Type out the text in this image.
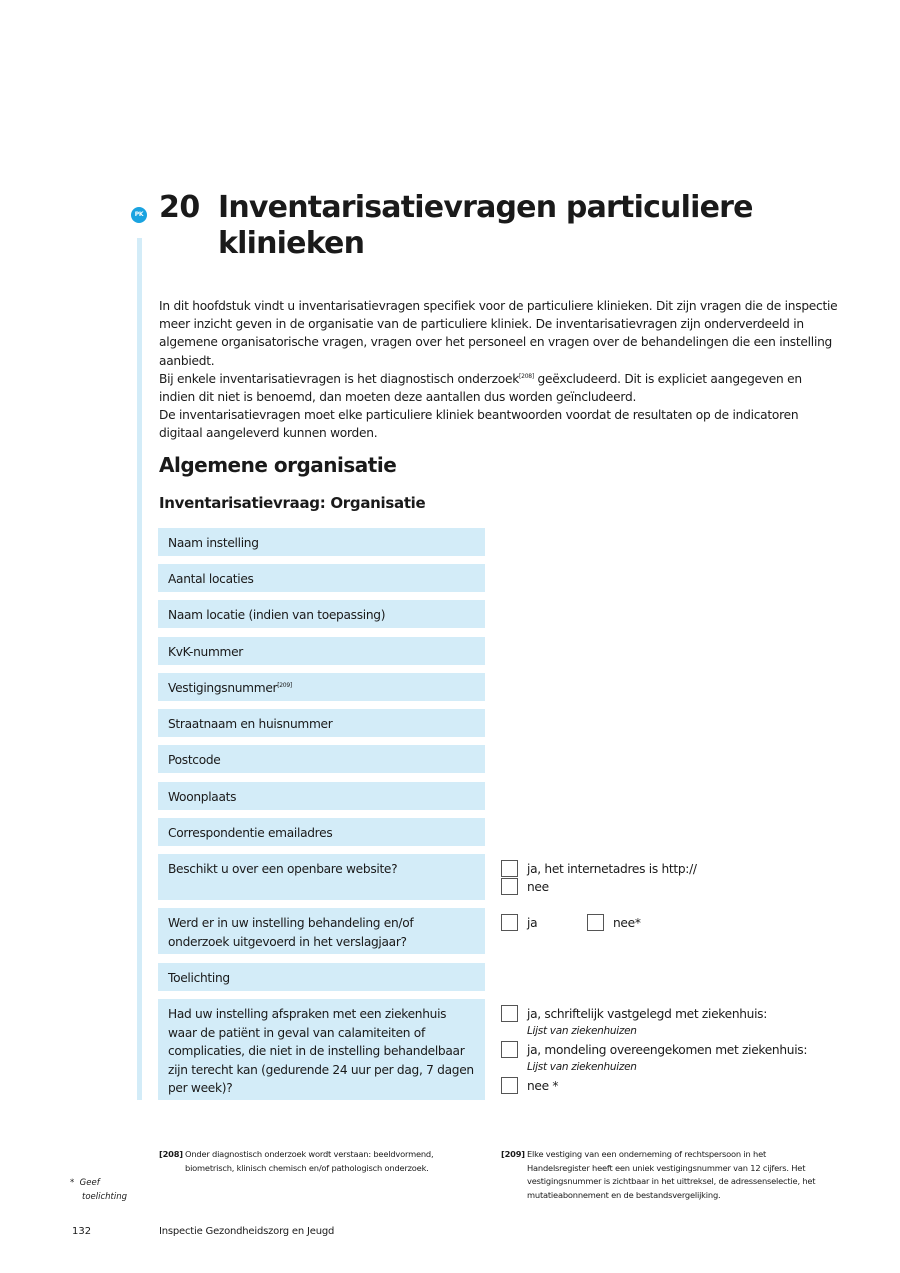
PK 20 Inventarisatievragen particuliere klinieken

In dit hoofdstuk vindt u inventarisatievragen specifiek voor de particuliere klinieken. Dit zijn vragen die de inspectie meer inzicht geven in de organisatie van de particuliere kliniek. De inventarisatievragen zijn onderverdeeld in algemene organisatorische vragen, vragen over het personeel en vragen over de behandelingen die een instelling aanbiedt.

Bij enkele inventarisatievragen is het diagnostisch onderzoek[208] geëxcludeerd. Dit is expliciet aangegeven en indien dit niet is benoemd, dan moeten deze aantallen dus worden geïncludeerd.

De inventarisatievragen moet elke particuliere kliniek beantwoorden voordat de resultaten op de indicatoren digitaal aangeleverd kunnen worden.

Algemene organisatie
Inventarisatievraag: Organisatie
Naam instelling
Aantal locaties
Naam locatie (indien van toepassing)
KvK-nummer
Vestigingsnummer[209]
Straatnaam en huisnummer
Postcode
Woonplaats
Correspondentie emailadres
Beschikt u over een openbare website?	ja, het internetadres is http://
nee
Werd er in uw instelling behandeling en/of onderzoek uitgevoerd in het verslagjaar?
ja	nee*
Toelichting
Had uw instelling afspraken met een ziekenhuis waar de patiënt in geval van calamiteiten of complicaties, die niet in de instelling behandelbaar zijn terecht kan (gedurende 24 uur per dag, 7 dagen per week)?
ja, schriftelijk vastgelegd met ziekenhuis:
Lijst van ziekenhuizen
ja, mondeling overeengekomen met ziekenhuis:
Lijst van ziekenhuizen
nee *
[208] Onder diagnostisch onderzoek wordt verstaan: beeldvormend, biometrisch, klinisch chemisch en/of pathologisch onderzoek.
[209] Elke vestiging van een onderneming of rechtspersoon in het Handelsregister heeft een uniek vestigingsnummer van 12 cijfers. Het vestigingsnummer is zichtbaar in het uittreksel, de adressenselectie, het mutatieabonnement en de bestandsvergelijking.
* Geef
toelichting
132	Inspectie Gezondheidszorg en Jeugd
